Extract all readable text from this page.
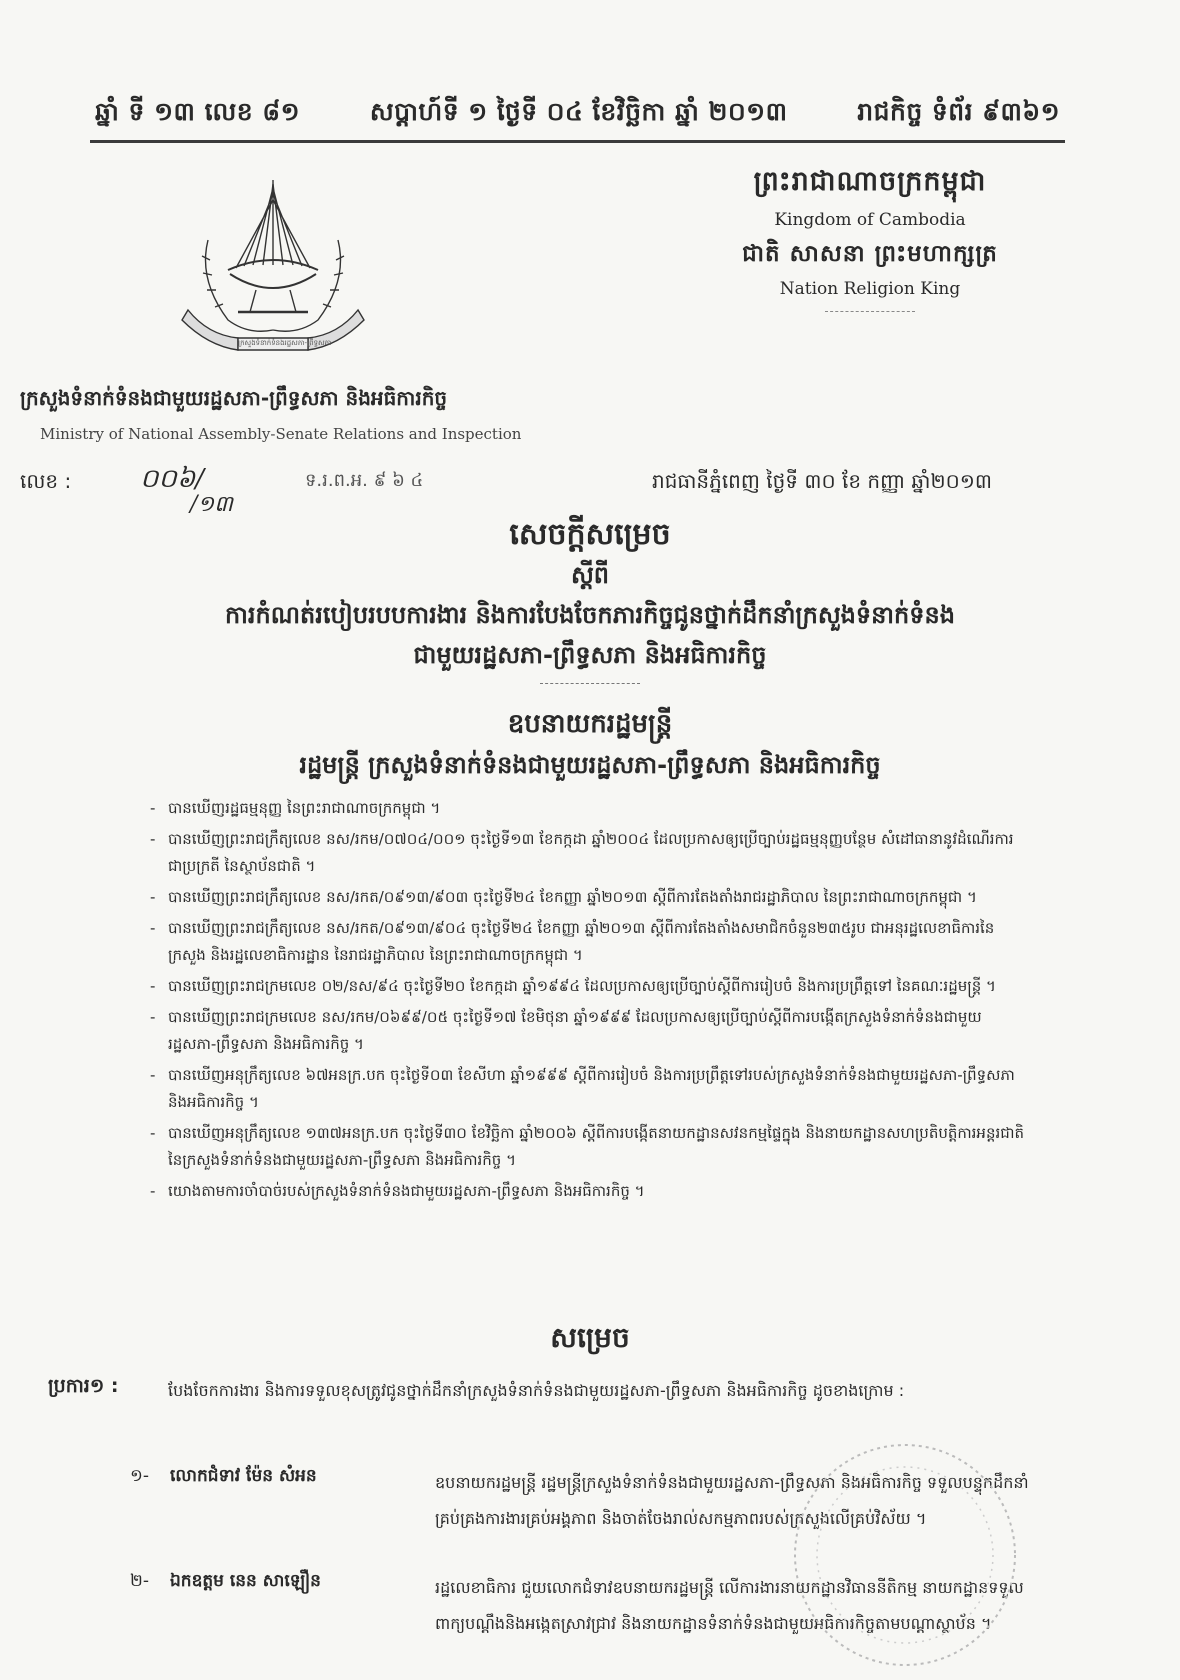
ឆ្នាំ ទី ១៣ លេខ ៨១	សប្តាហ៍ទី ១ ថ្ងៃទី ០៤ ខែវិច្ឆិកា ឆ្នាំ ២០១៣	រាជកិច្ច ទំព័រ ៩៣៦១
ព្រះរាជាណាចក្រកម្ពុជា
Kingdom of Cambodia
ជាតិ សាសនា ព្រះមហាក្សត្រ
Nation Religion King
ក្រសួងទំនាក់ទំនងរដ្ឋសភា-ព្រឹទ្ធសភា
ក្រសួងទំនាក់ទំនងជាមួយរដ្ឋសភា-ព្រឹទ្ធសភា និងអធិការកិច្ច
Ministry of National Assembly-Senate Relations and Inspection
លេខ :	០០៦/
/១៣
ទ.រ.ព.អ. ៩ ៦ ៤	រាជធានីភ្នំពេញ ថ្ងៃទី ៣០ ខែ កញ្ញា ឆ្នាំ២០១៣
សេចក្តីសម្រេច
ស្តីពី
ការកំណត់របៀបរបបការងារ និងការបែងចែកភារកិច្ចជូនថ្នាក់ដឹកនាំក្រសួងទំនាក់ទំនង
ជាមួយរដ្ឋសភា-ព្រឹទ្ធសភា និងអធិការកិច្ច
ឧបនាយករដ្ឋមន្ត្រី
រដ្ឋមន្ត្រី ក្រសួងទំនាក់ទំនងជាមួយរដ្ឋសភា-ព្រឹទ្ធសភា និងអធិការកិច្ច
- បានឃើញរដ្ឋធម្មនុញ្ញ នៃព្រះរាជាណាចក្រកម្ពុជា ។
- បានឃើញព្រះរាជក្រឹត្យលេខ នស/រកម/០៧០៤/០០១ ចុះថ្ងៃទី១៣ ខែកក្កដា ឆ្នាំ២០០៤ ដែលប្រកាសឲ្យប្រើច្បាប់រដ្ឋធម្មនុញ្ញបន្ថែម សំដៅធានានូវដំណើរការជាប្រក្រតី នៃស្ថាប័នជាតិ ។
- បានឃើញព្រះរាជក្រឹត្យលេខ នស/រកត/០៩១៣/៩០៣ ចុះថ្ងៃទី២៤ ខែកញ្ញា ឆ្នាំ២០១៣ ស្តីពីការតែងតាំងរាជរដ្ឋាភិបាល នៃព្រះរាជាណាចក្រកម្ពុជា ។
- បានឃើញព្រះរាជក្រឹត្យលេខ នស/រកត/០៩១៣/៩០៤ ចុះថ្ងៃទី២៤ ខែកញ្ញា ឆ្នាំ២០១៣ ស្តីពីការតែងតាំងសមាជិកចំនួន២៣៥រូប ជាអនុរដ្ឋលេខាធិការនៃក្រសួង និងរដ្ឋលេខាធិការដ្ឋាន នៃរាជរដ្ឋាភិបាល នៃព្រះរាជាណាចក្រកម្ពុជា ។
- បានឃើញព្រះរាជក្រមលេខ ០២/នស/៩៤ ចុះថ្ងៃទី២០ ខែកក្កដា ឆ្នាំ១៩៩៤ ដែលប្រកាសឲ្យប្រើច្បាប់ស្តីពីការរៀបចំ និងការប្រព្រឹត្តទៅ នៃគណៈរដ្ឋមន្ត្រី ។
- បានឃើញព្រះរាជក្រមលេខ នស/រកម/០៦៩៩/០៥ ចុះថ្ងៃទី១៧ ខែមិថុនា ឆ្នាំ១៩៩៩ ដែលប្រកាសឲ្យប្រើច្បាប់ស្តីពីការបង្កើតក្រសួងទំនាក់ទំនងជាមួយរដ្ឋសភា-ព្រឹទ្ធសភា និងអធិការកិច្ច ។
- បានឃើញអនុក្រឹត្យលេខ ៦៧អនក្រ.បក ចុះថ្ងៃទី០៣ ខែសីហា ឆ្នាំ១៩៩៩ ស្តីពីការរៀបចំ និងការប្រព្រឹត្តទៅរបស់ក្រសួងទំនាក់ទំនងជាមួយរដ្ឋសភា-ព្រឹទ្ធសភា និងអធិការកិច្ច ។
- បានឃើញអនុក្រឹត្យលេខ ១៣៧អនក្រ.បក ចុះថ្ងៃទី៣០ ខែវិច្ឆិកា ឆ្នាំ២០០៦ ស្តីពីការបង្កើតនាយកដ្ឋានសវនកម្មផ្ទៃក្នុង និងនាយកដ្ឋានសហប្រតិបត្តិការអន្តរជាតិ នៃក្រសួងទំនាក់ទំនងជាមួយរដ្ឋសភា-ព្រឹទ្ធសភា និងអធិការកិច្ច ។
- យោងតាមការចាំបាច់របស់ក្រសួងទំនាក់ទំនងជាមួយរដ្ឋសភា-ព្រឹទ្ធសភា និងអធិការកិច្ច ។
សម្រេច
ប្រការ១ :	បែងចែកការងារ និងការទទួលខុសត្រូវជូនថ្នាក់ដឹកនាំក្រសួងទំនាក់ទំនងជាមួយរដ្ឋសភា-ព្រឹទ្ធសភា និងអធិការកិច្ច ដូចខាងក្រោម :
១- លោកជំទាវ ម៉ែន សំអន	ឧបនាយករដ្ឋមន្ត្រី រដ្ឋមន្ត្រីក្រសួងទំនាក់ទំនងជាមួយរដ្ឋសភា-ព្រឹទ្ធសភា និងអធិការកិច្ច ទទួលបន្ទុកដឹកនាំគ្រប់គ្រងការងារគ្រប់អង្គភាព និងចាត់ចែងរាល់សកម្មភាពរបស់ក្រសួងលើគ្រប់វិស័យ ។
២- ឯកឧត្តម នេន សាឡឿន	រដ្ឋលេខាធិការ ជួយលោកជំទាវឧបនាយករដ្ឋមន្ត្រី លើការងារនាយកដ្ឋានវិធាននីតិកម្ម នាយកដ្ឋានទទួលពាក្យបណ្តឹងនិងអង្កេតស្រាវជ្រាវ និងនាយកដ្ឋានទំនាក់ទំនងជាមួយអធិការកិច្ចតាមបណ្តាស្ថាប័ន ។
